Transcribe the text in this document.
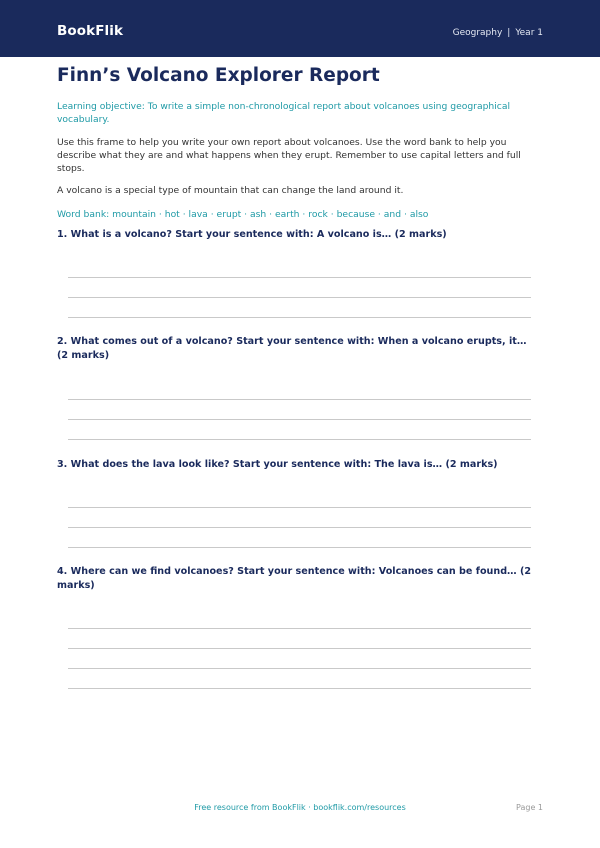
BookFlik	Geography | Year 1
Finn’s Volcano Explorer Report

Learning objective: To write a simple non-chronological report about volcanoes using geographical vocabulary.

Use this frame to help you write your own report about volcanoes. Use the word bank to help you describe what they are and what happens when they erupt. Remember to use capital letters and full stops.

A volcano is a special type of mountain that can change the land around it.

Word bank: mountain · hot · lava · erupt · ash · earth · rock · because · and · also

1. What is a volcano? Start your sentence with: A volcano is… (2 marks)
2. What comes out of a volcano? Start your sentence with: When a volcano erupts, it… (2 marks)
3. What does the lava look like? Start your sentence with: The lava is… (2 marks)
4. Where can we find volcanoes? Start your sentence with: Volcanoes can be found… (2 marks)
Free resource from BookFlik · bookflik.com/resources	Page 1
